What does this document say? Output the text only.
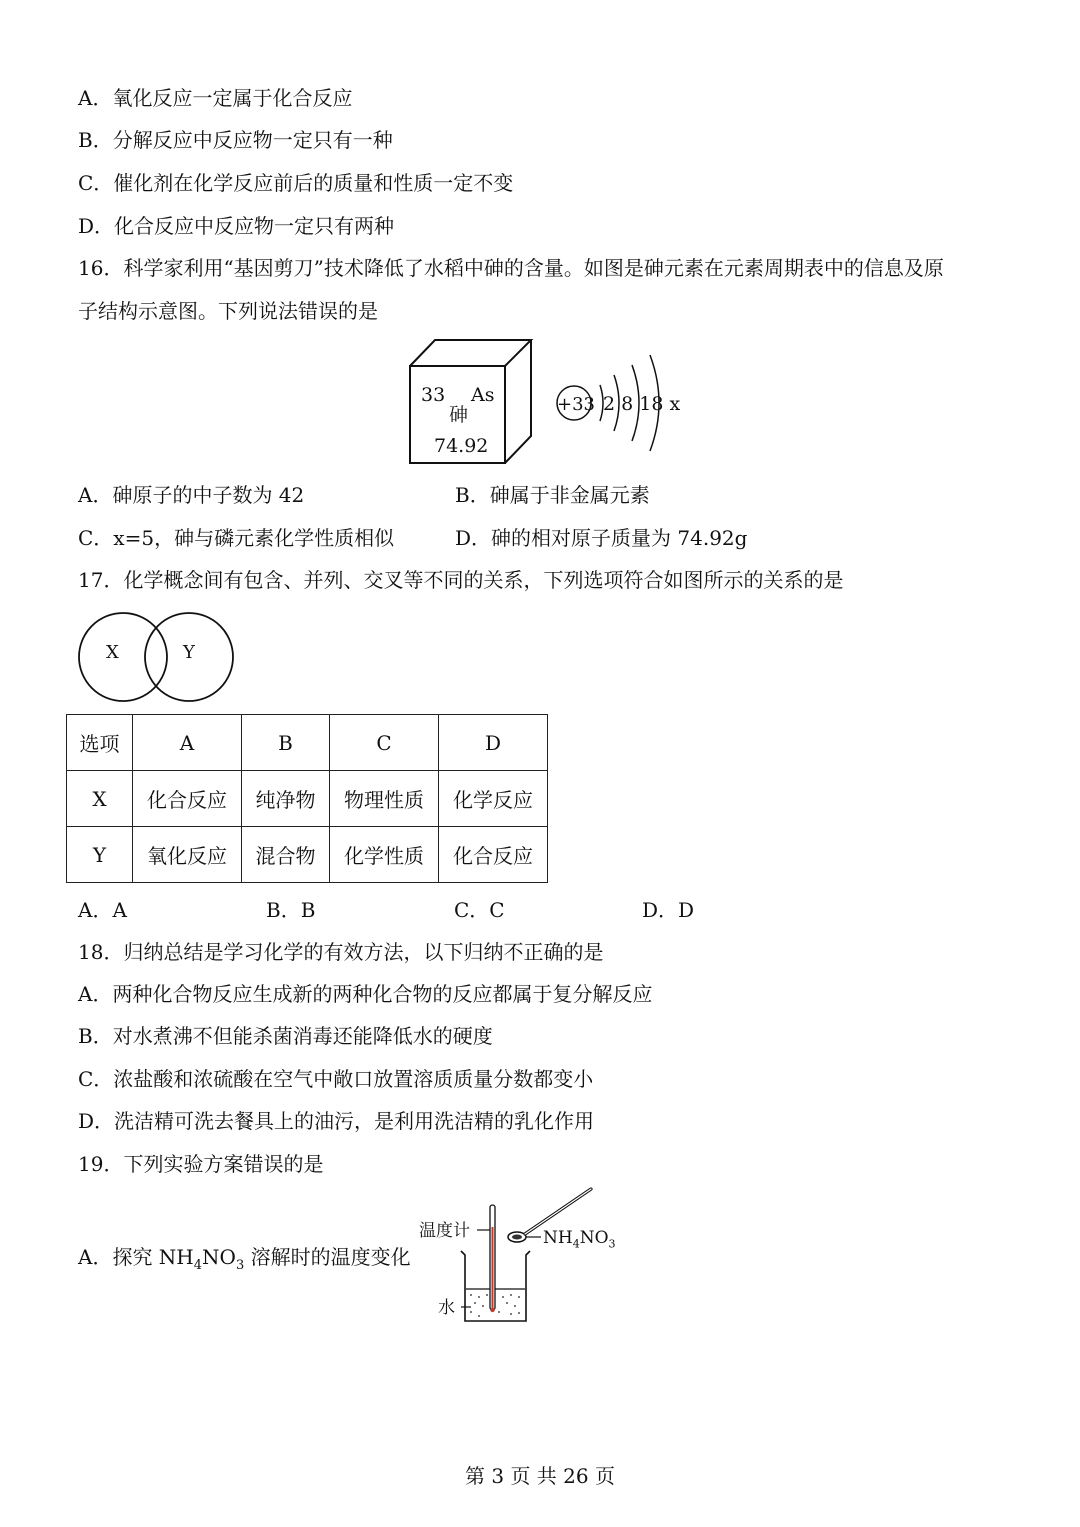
A．氧化反应一定属于化合反应
B．分解反应中反应物一定只有一种
C．催化剂在化学反应前后的质量和性质一定不变
D．化合反应中反应物一定只有两种
16．科学家利用“基因剪刀”技术降低了水稻中砷的含量。如图是砷元素在元素周期表中的信息及原
子结构示意图。下列说法错误的是
33 As
砷
74.92
+33 2 8 18 x
A．砷原子的中子数为 42	B．砷属于非金属元素
C．x=5，砷与磷元素化学性质相似	D．砷的相对原子质量为 74.92g
17．化学概念间有包含、并列、交叉等不同的关系，下列选项符合如图所示的关系的是
X	Y
选项	A	B	C	D
X	化合反应	纯净物	物理性质	化学反应
Y	氧化反应	混合物	化学性质	化合反应
A．A	B．B	C．C	D．D
18．归纳总结是学习化学的有效方法，以下归纳不正确的是
A．两种化合物反应生成新的两种化合物的反应都属于复分解反应
B．对水煮沸不但能杀菌消毒还能降低水的硬度
C．浓盐酸和浓硫酸在空气中敞口放置溶质质量分数都变小
D．洗洁精可洗去餐具上的油污，是利用洗洁精的乳化作用
19．下列实验方案错误的是
A．探究 $NH_4NO_3$ 溶解时的温度变化
温度计
水
$NH_4NO_3$
第 3 页 共 26 页
